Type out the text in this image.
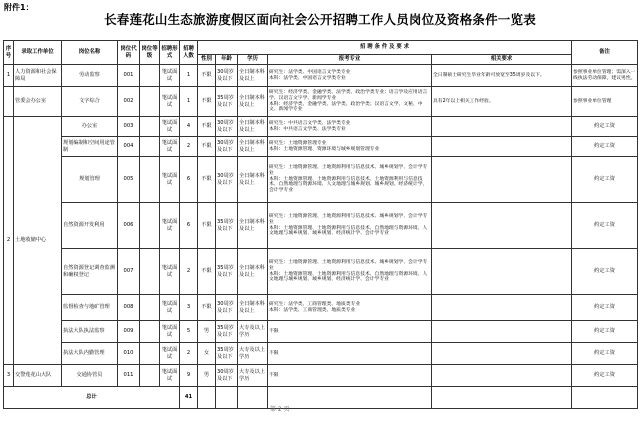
附件1：
长春莲花山生态旅游度假区面向社会公开招聘工作人员岗位及资格条件一览表
序号	录取工作单位	岗位名称	岗位代码	岗位等级	招聘形式	招聘人数	招 聘 条 件 及 要 求					备注
							性别	年龄	学历	报考专业	相关要求	
1	人力资源和社会保障局	劳动监察	001		笔试面试	1	不限	30周岁及以下	全日制本科及以上	研究生：法学类、中国语言文学类专业
本科：法学类、中国语言文学类专业	全日制硕士研究生毕业年龄可放宽至35周岁及以下。	参照事业单位管理；需深入一线执法劳动保障，建议男性。
	管委会办公室	文字综合	002		笔试面试	1	不限	35周岁及以下	全日制本科及以上	研究生：经济学类、金融学类、法学类、政治学类专业；语言学及应用语言学、汉语言文字学、新闻学专业
本科：经济学类、金融学类、法学类、政治学类；汉语言文学、文秘、中文、新闻学专业	具有2年以上相关工作经验。	参照事业单位管理
2	土地收储中心	办公室	003		笔试面试	4	不限	30周岁及以下	全日制本科及以上	研究生：中共语言文学类、法学类专业
本科：中共语言文学类、法学类专业		约定工资
		规划编制和空间用途管制	004		笔试面试	2	不限	30周岁及以下	全日制本科及以上	研究生：土地资源管理专业
本科：土地资源管理、资源环境与城乡规划管理专业		约定工资
		规划管理	005		笔试面试	6	不限	30周岁及以下	全日制本科及以上	研究生：土地资源管理、土地资源利用与信息技术、城乡规划学、会计学专业
本科：土地资源管理、土地资源利用与信息技术、土地资源利用与信息技术、自然地理与资源环境、人文地理与城乡规划、城乡规划、经济统计学、会计学专业		约定工资
		自然资源开发利用	006		笔试面试	6	不限	35周岁及以下	全日制本科及以上	研究生：土地资源管理、土地资源利用与信息技术、城乡规划学、会计学专业
本科：土地资源管理、土地资源利用与信息技术、自然地理与资源环境、人文地理与城乡规划、城乡规划、经济统计学、会计学专业		约定工资
		自然资源登记调查监测和确权登记	007		笔试面试	2	不限	35周岁及以下	全日制本科及以上	研究生：土地资源管理、土地资源利用与信息技术、城乡规划学、会计学专业
本科：土地资源管理、土地资源利用与信息技术、自然地理与资源环境、人文地理与城乡规划、城乡规划、经济统计学、会计学专业		约定工资
		监督检查与地矿管理	008		笔试面试	3	不限	30周岁及以下	全日制本科及以上	研究生：法学类、工商管理类、地质类专业
本科：法学类、工商管理类、地质类专业		约定工资
		执法大队执法监察	009		笔试面试	5	男	35周岁及以下	大专及以上学历	不限		约定工资
		执法大队内勤管理	010		笔试面试	2	女	35周岁及以下	大专及以上学历	不限		约定工资
3	交警莲花山大队	交通协管员	011		笔试面试	9	男	30周岁及以下	大专及以上学历	不限		约定工资
总计						41						
第 2 页
